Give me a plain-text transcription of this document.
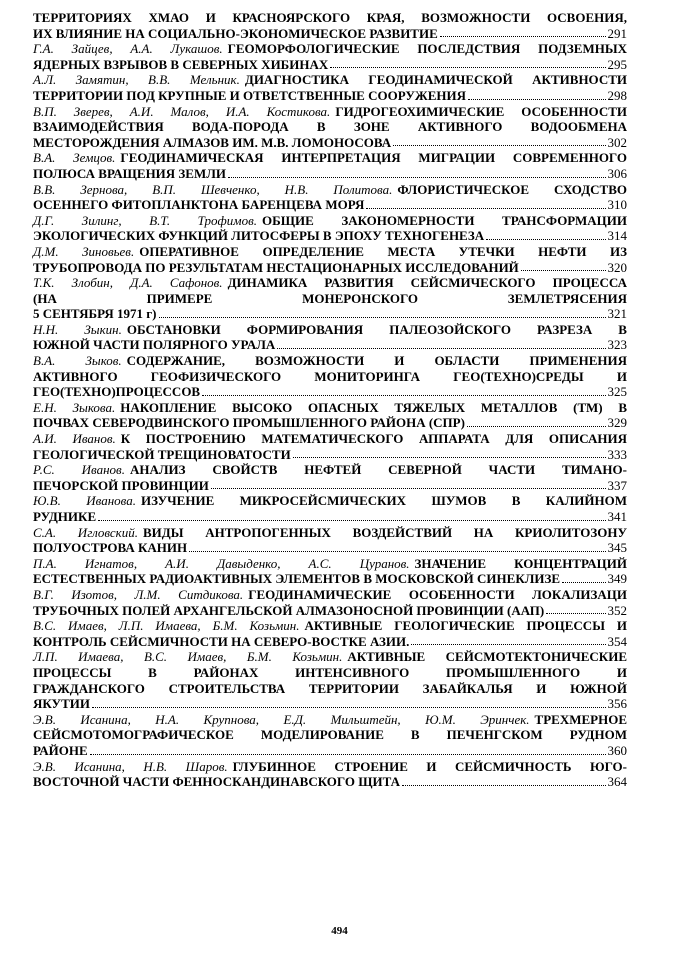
ТЕРРИТОРИЯХ ХМАО И КРАСНОЯРСКОГО КРАЯ, ВОЗМОЖНОСТИ ОСВОЕНИЯ,
ИХ ВЛИЯНИЕ НА СОЦИАЛЬНО-ЭКОНОМИЧЕСКОЕ РАЗВИТИЕ	291
Г.А. Зайцев, А.А. Лукашов. ГЕОМОРФОЛОГИЧЕСКИЕ ПОСЛЕДСТВИЯ ПОДЗЕМНЫХ
ЯДЕРНЫХ ВЗРЫВОВ В СЕВЕРНЫХ ХИБИНАХ	295
А.Л. Замятин, В.В. Мельник. ДИАГНОСТИКА ГЕОДИНАМИЧЕСКОЙ АКТИВНОСТИ
ТЕРРИТОРИИ ПОД КРУПНЫЕ И ОТВЕТСТВЕННЫЕ СООРУЖЕНИЯ	298
В.П. Зверев, А.И. Малов, И.А. Костикова. ГИДРОГЕОХИМИЧЕСКИЕ ОСОБЕННОСТИ
ВЗАИМОДЕЙСТВИЯ ВОДА-ПОРОДА В ЗОНЕ АКТИВНОГО ВОДООБМЕНА
МЕСТОРОЖДЕНИЯ АЛМАЗОВ ИМ. М.В. ЛОМОНОСОВА	302
В.А. Земцов. ГЕОДИНАМИЧЕСКАЯ ИНТЕРПРЕТАЦИЯ МИГРАЦИИ СОВРЕМЕННОГО
ПОЛЮСА ВРАЩЕНИЯ ЗЕМЛИ	306
В.В. Зернова, В.П. Шевченко, Н.В. Политова. ФЛОРИСТИЧЕСКОЕ СХОДСТВО
ОСЕННЕГО ФИТОПЛАНКТОНА БАРЕНЦЕВА МОРЯ	310
Д.Г. Зилинг, В.Т. Трофимов. ОБЩИЕ ЗАКОНОМЕРНОСТИ ТРАНСФОРМАЦИИ
ЭКОЛОГИЧЕСКИХ ФУНКЦИЙ ЛИТОСФЕРЫ В ЭПОХУ ТЕХНОГЕНЕЗА	314
Д.М. Зиновьев. ОПЕРАТИВНОЕ ОПРЕДЕЛЕНИЕ МЕСТА УТЕЧКИ НЕФТИ ИЗ
ТРУБОПРОВОДА ПО РЕЗУЛЬТАТАМ НЕСТАЦИОНАРНЫХ ИССЛЕДОВАНИЙ	320
Т.К. Злобин, Д.А. Сафонов. ДИНАМИКА РАЗВИТИЯ СЕЙСМИЧЕСКОГО ПРОЦЕССА
(НА ПРИМЕРЕ МОНЕРОНСКОГО ЗЕМЛЕТРЯСЕНИЯ
5 СЕНТЯБРЯ 1971 г)	321
Н.Н. Зыкин. ОБСТАНОВКИ ФОРМИРОВАНИЯ ПАЛЕОЗОЙСКОГО РАЗРЕЗА В
ЮЖНОЙ ЧАСТИ ПОЛЯРНОГО УРАЛА	323
В.А. Зыков. СОДЕРЖАНИЕ, ВОЗМОЖНОСТИ И ОБЛАСТИ ПРИМЕНЕНИЯ
АКТИВНОГО ГЕОФИЗИЧЕСКОГО МОНИТОРИНГА ГЕО(ТЕХНО)СРЕДЫ И
ГЕО(ТЕХНО)ПРОЦЕССОВ	325
Е.Н. Зыкова. НАКОПЛЕНИЕ ВЫСОКО ОПАСНЫХ ТЯЖЕЛЫХ МЕТАЛЛОВ (ТМ) В
ПОЧВАХ СЕВЕРОДВИНСКОГО ПРОМЫШЛЕННОГО РАЙОНА (СПР)	329
А.И. Иванов. К ПОСТРОЕНИЮ МАТЕМАТИЧЕСКОГО АППАРАТА ДЛЯ ОПИСАНИЯ
ГЕОЛОГИЧЕСКОЙ ТРЕЩИНОВАТОСТИ	333
Р.С. Иванов. АНАЛИЗ СВОЙСТВ НЕФТЕЙ СЕВЕРНОЙ ЧАСТИ ТИМАНО-
ПЕЧОРСКОЙ ПРОВИНЦИИ	337
Ю.В. Иванова. ИЗУЧЕНИЕ МИКРОСЕЙСМИЧЕСКИХ ШУМОВ В КАЛИЙНОМ
РУДНИКЕ	341
С.А. Игловский. ВИДЫ АНТРОПОГЕННЫХ ВОЗДЕЙСТВИЙ НА КРИОЛИТОЗОНУ
ПОЛУОСТРОВА КАНИН	345
П.А. Игнатов, А.И. Давыденко, А.С. Цуранов. ЗНАЧЕНИЕ КОНЦЕНТРАЦИЙ
ЕСТЕСТВЕННЫХ РАДИОАКТИВНЫХ ЭЛЕМЕНТОВ В МОСКОВСКОЙ СИНЕКЛИЗЕ	349
В.Г. Изотов, Л.М. Ситдикова. ГЕОДИНАМИЧЕСКИЕ ОСОБЕННОСТИ ЛОКАЛИЗАЦИ
ТРУБОЧНЫХ ПОЛЕЙ АРХАНГЕЛЬСКОЙ АЛМАЗОНОСНОЙ ПРОВИНЦИИ (ААП)	352
В.С. Имаев, Л.П. Имаева, Б.М. Козьмин. АКТИВНЫЕ ГЕОЛОГИЧЕСКИЕ ПРОЦЕССЫ И
КОНТРОЛЬ СЕЙСМИЧНОСТИ НА СЕВЕРО-ВОСТКЕ АЗИИ.	354
Л.П. Имаева, В.С. Имаев, Б.М. Козьмин. АКТИВНЫЕ СЕЙСМОТЕКТОНИЧЕСКИЕ
ПРОЦЕССЫ В РАЙОНАХ ИНТЕНСИВНОГО ПРОМЫШЛЕННОГО И
ГРАЖДАНСКОГО СТРОИТЕЛЬСТВА ТЕРРИТОРИИ ЗАБАЙКАЛЬЯ И ЮЖНОЙ
ЯКУТИИ	356
Э.В. Исанина, Н.А. Крупнова, Е.Д. Мильштейн, Ю.М. Эринчек. ТРЕХМЕРНОЕ
СЕЙСМОТОМОГРАФИЧЕСКОЕ МОДЕЛИРОВАНИЕ В ПЕЧЕНГСКОМ РУДНОМ
РАЙОНЕ	360
Э.В. Исанина, Н.В. Шаров. ГЛУБИННОЕ СТРОЕНИЕ И СЕЙСМИЧНОСТЬ ЮГО-
ВОСТОЧНОЙ ЧАСТИ ФЕННОСКАНДИНАВСКОГО ЩИТА	364
494
